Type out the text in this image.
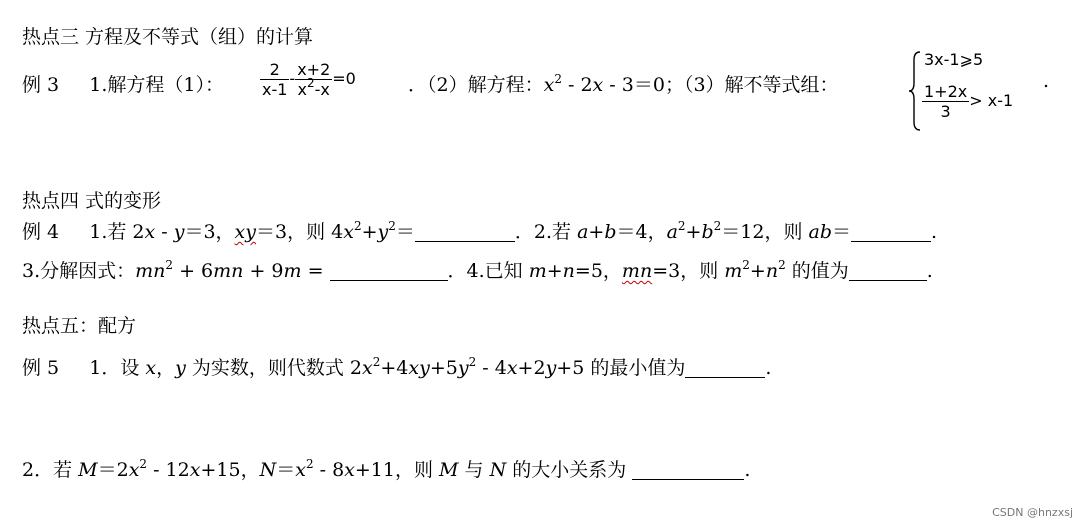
热点三 方程及不等式（组）的计算
例 3 1.解方程（1）： $\frac{2}{x-1} - \frac{x+2}{x^2-x} =0$	．（2）解方程：$x^2 - 2x - 3=0$；（3）解不等式组：
3x-1⩾5
$\frac{1+2x}{3} > x-1$
.
热点四 式的变形
例 4 1.若 2x - y＝3，xy＝3，则 $4x^2+y^2=$	．2.若 a+b＝4，$a^2+b^2=12$，则 ab＝	.
3.分解因式：$mn^2 + 6mn + 9m$ =	．4.已知 m+n=5，mn=3，则 $m^2+n^2$ 的值为	.
热点五：配方
例 5 1．设 x，y 为实数，则代数式 $2x^2+4xy+5y^2 - 4x+2y+5$ 的最小值为	.
2．若 $M=2x^2 - 12x+15$，$N=x^2 - 8x+11$，则 M 与 N 的大小关系为	.
CSDN @hnzxsj
